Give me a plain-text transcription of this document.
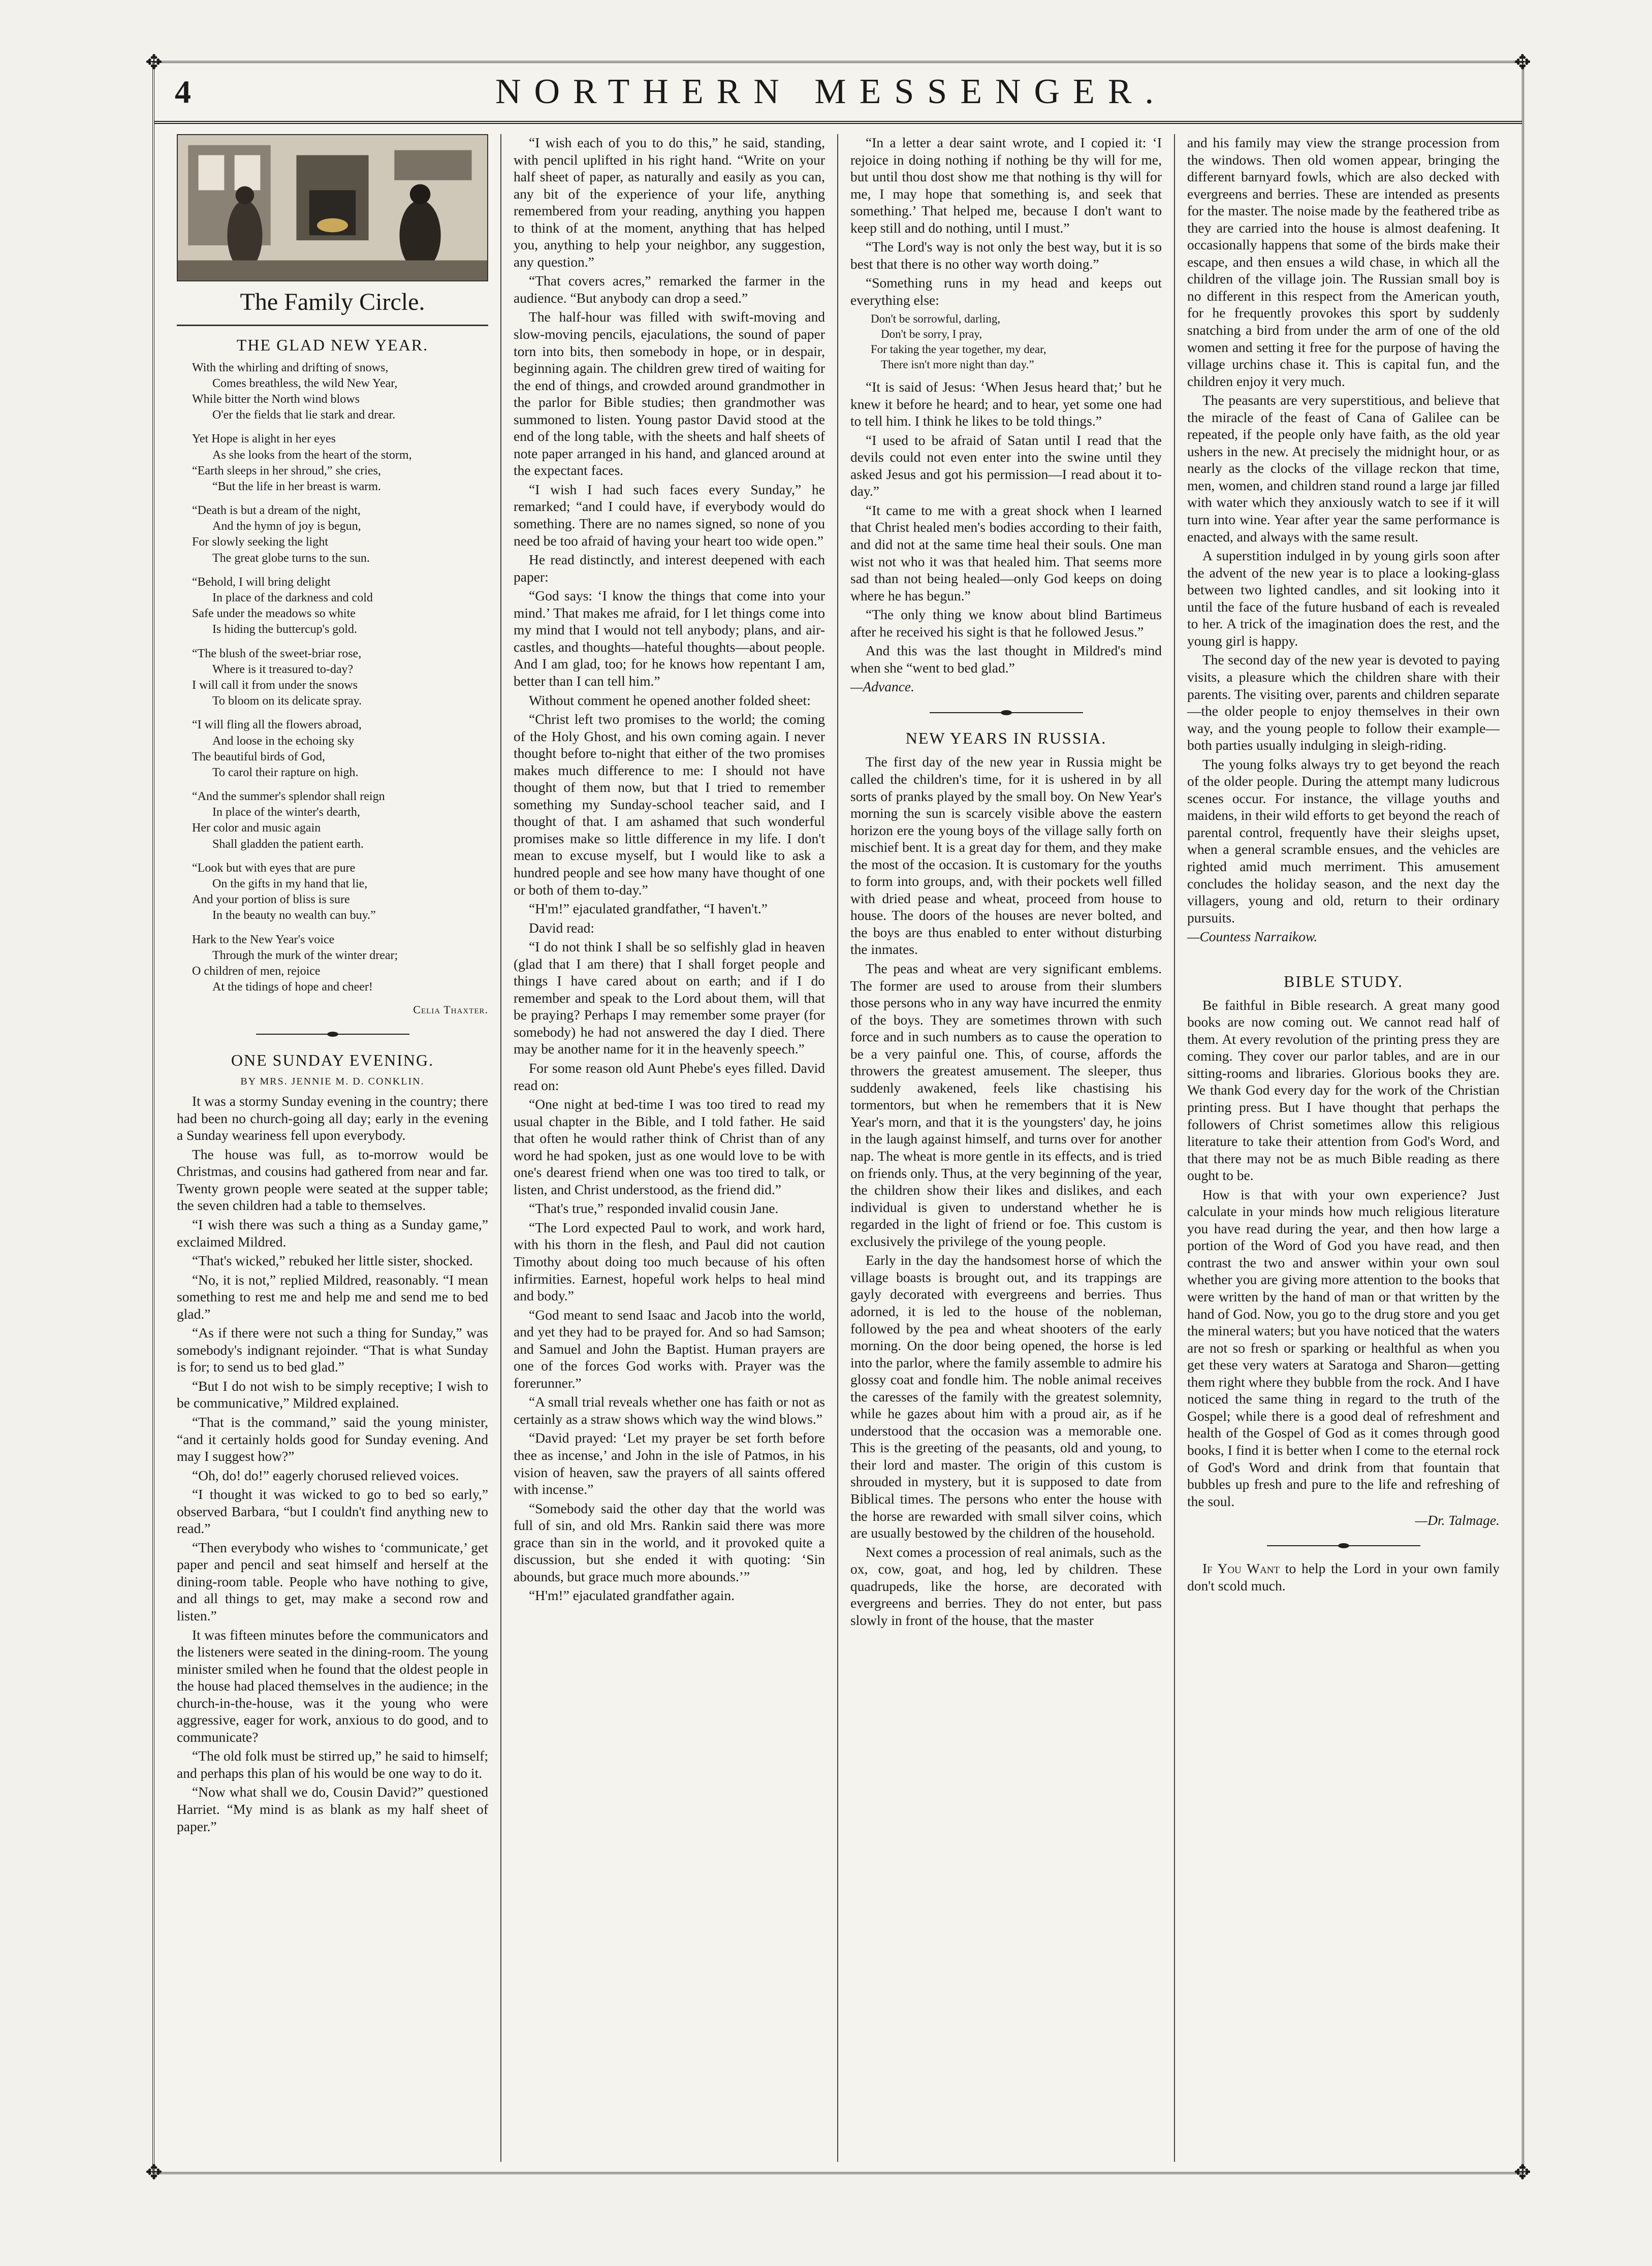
✥	✥
✥	✥
4	NORTHERN MESSENGER.
The Family Circle.
THE GLAD NEW YEAR.
With the whirling and drifting of snows,
Comes breathless, the wild New Year,
While bitter the North wind blows
O'er the fields that lie stark and drear.
Yet Hope is alight in her eyes
As she looks from the heart of the storm,
“Earth sleeps in her shroud,” she cries,
“But the life in her breast is warm.
“Death is but a dream of the night,
And the hymn of joy is begun,
For slowly seeking the light
The great globe turns to the sun.
“Behold, I will bring delight
In place of the darkness and cold
Safe under the meadows so white
Is hiding the buttercup's gold.
“The blush of the sweet-briar rose,
Where is it treasured to-day?
I will call it from under the snows
To bloom on its delicate spray.
“I will fling all the flowers abroad,
And loose in the echoing sky
The beautiful birds of God,
To carol their rapture on high.
“And the summer's splendor shall reign
In place of the winter's dearth,
Her color and music again
Shall gladden the patient earth.
“Look but with eyes that are pure
On the gifts in my hand that lie,
And your portion of bliss is sure
In the beauty no wealth can buy.”
Hark to the New Year's voice
Through the murk of the winter drear;
O children of men, rejoice
At the tidings of hope and cheer!
Celia Thaxter.
ONE SUNDAY EVENING.
BY MRS. JENNIE M. D. CONKLIN.

It was a stormy Sunday evening in the country; there had been no church-going all day; early in the evening a Sunday weariness fell upon everybody.

The house was full, as to-morrow would be Christmas, and cousins had gathered from near and far. Twenty grown people were seated at the supper table; the seven children had a table to themselves.

“I wish there was such a thing as a Sunday game,” exclaimed Mildred.

“That's wicked,” rebuked her little sister, shocked.

“No, it is not,” replied Mildred, reasonably. “I mean something to rest me and help me and send me to bed glad.”

“As if there were not such a thing for Sunday,” was somebody's indignant rejoinder. “That is what Sunday is for; to send us to bed glad.”

“But I do not wish to be simply receptive; I wish to be communicative,” Mildred explained.

“That is the command,” said the young minister, “and it certainly holds good for Sunday evening. And may I suggest how?”

“Oh, do! do!” eagerly chorused relieved voices.

“I thought it was wicked to go to bed so early,” observed Barbara, “but I couldn't find anything new to read.”

“Then everybody who wishes to ‘communicate,’ get paper and pencil and seat himself and herself at the dining-room table. People who have nothing to give, and all things to get, may make a second row and listen.”

It was fifteen minutes before the communicators and the listeners were seated in the dining-room. The young minister smiled when he found that the oldest people in the house had placed themselves in the audience; in the church-in-the-house, was it the young who were aggressive, eager for work, anxious to do good, and to communicate?

“The old folk must be stirred up,” he said to himself; and perhaps this plan of his would be one way to do it.

“Now what shall we do, Cousin David?” questioned Harriet. “My mind is as blank as my half sheet of paper.”

“I wish each of you to do this,” he said, standing, with pencil uplifted in his right hand. “Write on your half sheet of paper, as naturally and easily as you can, any bit of the experience of your life, anything remembered from your reading, anything you happen to think of at the moment, anything that has helped you, anything to help your neighbor, any suggestion, any question.”

“That covers acres,” remarked the farmer in the audience. “But anybody can drop a seed.”

The half-hour was filled with swift-moving and slow-moving pencils, ejaculations, the sound of paper torn into bits, then somebody in hope, or in despair, beginning again. The children grew tired of waiting for the end of things, and crowded around grandmother in the parlor for Bible studies; then grandmother was summoned to listen. Young pastor David stood at the end of the long table, with the sheets and half sheets of note paper arranged in his hand, and glanced around at the expectant faces.

“I wish I had such faces every Sunday,” he remarked; “and I could have, if everybody would do something. There are no names signed, so none of you need be too afraid of having your heart too wide open.”

He read distinctly, and interest deepened with each paper:

“God says: ‘I know the things that come into your mind.’ That makes me afraid, for I let things come into my mind that I would not tell anybody; plans, and air-castles, and thoughts—hateful thoughts—about people. And I am glad, too; for he knows how repentant I am, better than I can tell him.”

Without comment he opened another folded sheet:

“Christ left two promises to the world; the coming of the Holy Ghost, and his own coming again. I never thought before to-night that either of the two promises makes much difference to me: I should not have thought of them now, but that I tried to remember something my Sunday-school teacher said, and I thought of that. I am ashamed that such wonderful promises make so little difference in my life. I don't mean to excuse myself, but I would like to ask a hundred people and see how many have thought of one or both of them to-day.”

“H'm!” ejaculated grandfather, “I haven't.”

David read:

“I do not think I shall be so selfishly glad in heaven (glad that I am there) that I shall forget people and things I have cared about on earth; and if I do remember and speak to the Lord about them, will that be praying? Perhaps I may remember some prayer (for somebody) he had not answered the day I died. There may be another name for it in the heavenly speech.”

For some reason old Aunt Phebe's eyes filled. David read on:

“One night at bed-time I was too tired to read my usual chapter in the Bible, and I told father. He said that often he would rather think of Christ than of any word he had spoken, just as one would love to be with one's dearest friend when one was too tired to talk, or listen, and Christ understood, as the friend did.”

“That's true,” responded invalid cousin Jane.

“The Lord expected Paul to work, and work hard, with his thorn in the flesh, and Paul did not caution Timothy about doing too much because of his often infirmities. Earnest, hopeful work helps to heal mind and body.”

“God meant to send Isaac and Jacob into the world, and yet they had to be prayed for. And so had Samson; and Samuel and John the Baptist. Human prayers are one of the forces God works with. Prayer was the forerunner.”

“A small trial reveals whether one has faith or not as certainly as a straw shows which way the wind blows.”

“David prayed: ‘Let my prayer be set forth before thee as incense,’ and John in the isle of Patmos, in his vision of heaven, saw the prayers of all saints offered with incense.”

“Somebody said the other day that the world was full of sin, and old Mrs. Rankin said there was more grace than sin in the world, and it provoked quite a discussion, but she ended it with quoting: ‘Sin abounds, but grace much more abounds.’”

“H'm!” ejaculated grandfather again.

“In a letter a dear saint wrote, and I copied it: ‘I rejoice in doing nothing if nothing be thy will for me, but until thou dost show me that nothing is thy will for me, I may hope that something is, and seek that something.’ That helped me, because I don't want to keep still and do nothing, until I must.”

“The Lord's way is not only the best way, but it is so best that there is no other way worth doing.”

“Something runs in my head and keeps out everything else:

Don't be sorrowful, darling,
Don't be sorry, I pray,
For taking the year together, my dear,
There isn't more night than day.”

“It is said of Jesus: ‘When Jesus heard that;’ but he knew it before he heard; and to hear, yet some one had to tell him. I think he likes to be told things.”

“I used to be afraid of Satan until I read that the devils could not even enter into the swine until they asked Jesus and got his permission—I read about it to-day.”

“It came to me with a great shock when I learned that Christ healed men's bodies according to their faith, and did not at the same time heal their souls. One man wist not who it was that healed him. That seems more sad than not being healed—only God keeps on doing where he has begun.”

“The only thing we know about blind Bartimeus after he received his sight is that he followed Jesus.”

And this was the last thought in Mildred's mind when she “went to bed glad.”

—Advance.

NEW YEARS IN RUSSIA.

The first day of the new year in Russia might be called the children's time, for it is ushered in by all sorts of pranks played by the small boy. On New Year's morning the sun is scarcely visible above the eastern horizon ere the young boys of the village sally forth on mischief bent. It is a great day for them, and they make the most of the occasion. It is customary for the youths to form into groups, and, with their pockets well filled with dried pease and wheat, proceed from house to house. The doors of the houses are never bolted, and the boys are thus enabled to enter without disturbing the inmates.

The peas and wheat are very significant emblems. The former are used to arouse from their slumbers those persons who in any way have incurred the enmity of the boys. They are sometimes thrown with such force and in such numbers as to cause the operation to be a very painful one. This, of course, affords the throwers the greatest amusement. The sleeper, thus suddenly awakened, feels like chastising his tormentors, but when he remembers that it is New Year's morn, and that it is the youngsters' day, he joins in the laugh against himself, and turns over for another nap. The wheat is more gentle in its effects, and is tried on friends only. Thus, at the very beginning of the year, the children show their likes and dislikes, and each individual is given to understand whether he is regarded in the light of friend or foe. This custom is exclusively the privilege of the young people.

Early in the day the handsomest horse of which the village boasts is brought out, and its trappings are gayly decorated with evergreens and berries. Thus adorned, it is led to the house of the nobleman, followed by the pea and wheat shooters of the early morning. On the door being opened, the horse is led into the parlor, where the family assemble to admire his glossy coat and fondle him. The noble animal receives the caresses of the family with the greatest solemnity, while he gazes about him with a proud air, as if he understood that the occasion was a memorable one. This is the greeting of the peasants, old and young, to their lord and master. The origin of this custom is shrouded in mystery, but it is supposed to date from Biblical times. The persons who enter the house with the horse are rewarded with small silver coins, which are usually bestowed by the children of the household.

Next comes a procession of real animals, such as the ox, cow, goat, and hog, led by children. These quadrupeds, like the horse, are decorated with evergreens and berries. They do not enter, but pass slowly in front of the house, that the master

and his family may view the strange procession from the windows. Then old women appear, bringing the different barnyard fowls, which are also decked with evergreens and berries. These are intended as presents for the master. The noise made by the feathered tribe as they are carried into the house is almost deafening. It occasionally happens that some of the birds make their escape, and then ensues a wild chase, in which all the children of the village join. The Russian small boy is no different in this respect from the American youth, for he frequently provokes this sport by suddenly snatching a bird from under the arm of one of the old women and setting it free for the purpose of having the village urchins chase it. This is capital fun, and the children enjoy it very much.

The peasants are very superstitious, and believe that the miracle of the feast of Cana of Galilee can be repeated, if the people only have faith, as the old year ushers in the new. At precisely the midnight hour, or as nearly as the clocks of the village reckon that time, men, women, and children stand round a large jar filled with water which they anxiously watch to see if it will turn into wine. Year after year the same performance is enacted, and always with the same result.

A superstition indulged in by young girls soon after the advent of the new year is to place a looking-glass between two lighted candles, and sit looking into it until the face of the future husband of each is revealed to her. A trick of the imagination does the rest, and the young girl is happy.

The second day of the new year is devoted to paying visits, a pleasure which the children share with their parents. The visiting over, parents and children separate—the older people to enjoy themselves in their own way, and the young people to follow their example—both parties usually indulging in sleigh-riding.

The young folks always try to get beyond the reach of the older people. During the attempt many ludicrous scenes occur. For instance, the village youths and maidens, in their wild efforts to get beyond the reach of parental control, frequently have their sleighs upset, when a general scramble ensues, and the vehicles are righted amid much merriment. This amusement concludes the holiday season, and the next day the villagers, young and old, return to their ordinary pursuits.

—Countess Narraikow.

BIBLE STUDY.

Be faithful in Bible research. A great many good books are now coming out. We cannot read half of them. At every revolution of the printing press they are coming. They cover our parlor tables, and are in our sitting-rooms and libraries. Glorious books they are. We thank God every day for the work of the Christian printing press. But I have thought that perhaps the followers of Christ sometimes allow this religious literature to take their attention from God's Word, and that there may not be as much Bible reading as there ought to be.

How is that with your own experience? Just calculate in your minds how much religious literature you have read during the year, and then how large a portion of the Word of God you have read, and then contrast the two and answer within your own soul whether you are giving more attention to the books that were written by the hand of man or that written by the hand of God. Now, you go to the drug store and you get the mineral waters; but you have noticed that the waters are not so fresh or sparking or healthful as when you get these very waters at Saratoga and Sharon—getting them right where they bubble from the rock. And I have noticed the same thing in regard to the truth of the Gospel; while there is a good deal of refreshment and health of the Gospel of God as it comes through good books, I find it is better when I come to the eternal rock of God's Word and drink from that fountain that bubbles up fresh and pure to the life and refreshing of the soul.

—Dr. Talmage.

If You Want to help the Lord in your own family don't scold much.
